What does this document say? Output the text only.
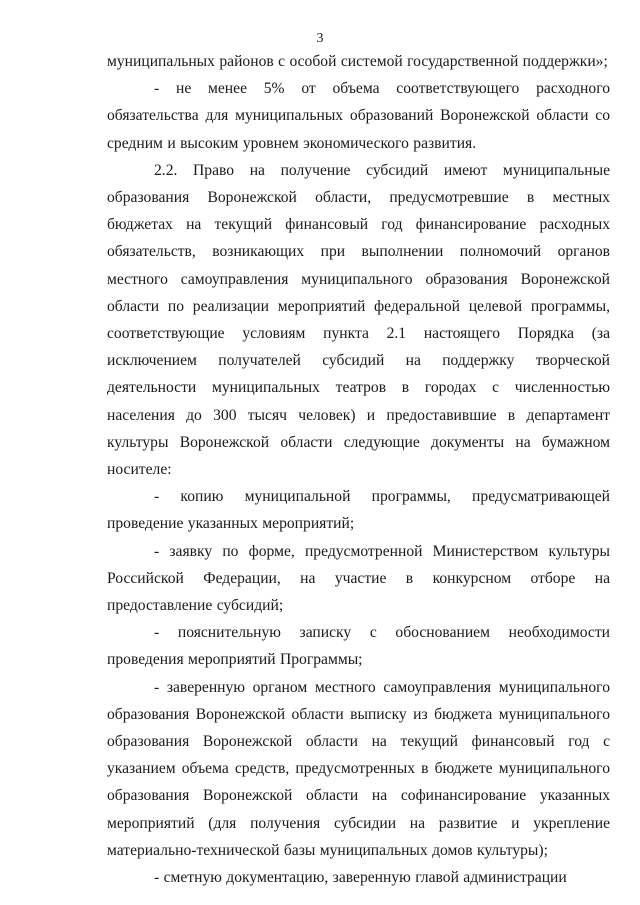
3

муниципальных районов с особой системой государственной поддержки»;

- не менее 5% от объема соответствующего расходного обязательства для муниципальных образований Воронежской области со средним и высоким уровнем экономического развития.

2.2. Право на получение субсидий имеют муниципальные образования Воронежской области, предусмотревшие в местных бюджетах на текущий финансовый год финансирование расходных обязательств, возникающих при выполнении полномочий органов местного самоуправления муниципального образования Воронежской области по реализации мероприятий федеральной целевой программы, соответствующие условиям пункта 2.1 настоящего Порядка (за исключением получателей субсидий на поддержку творческой деятельности муниципальных театров в городах с численностью населения до 300 тысяч человек) и предоставившие в департамент культуры Воронежской области следующие документы на бумажном носителе:

- копию муниципальной программы, предусматривающей проведение указанных мероприятий;

- заявку по форме, предусмотренной Министерством культуры Российской Федерации, на участие в конкурсном отборе на предоставление субсидий;

- пояснительную записку с обоснованием необходимости проведения мероприятий Программы;

- заверенную органом местного самоуправления муниципального образования Воронежской области выписку из бюджета муниципального образования Воронежской области на текущий финансовый год с указанием объема средств, предусмотренных в бюджете муниципального образования Воронежской области на софинансирование указанных мероприятий (для получения субсидии на развитие и укрепление материально-технической базы муниципальных домов культуры);

- сметную документацию, заверенную главой администрации
